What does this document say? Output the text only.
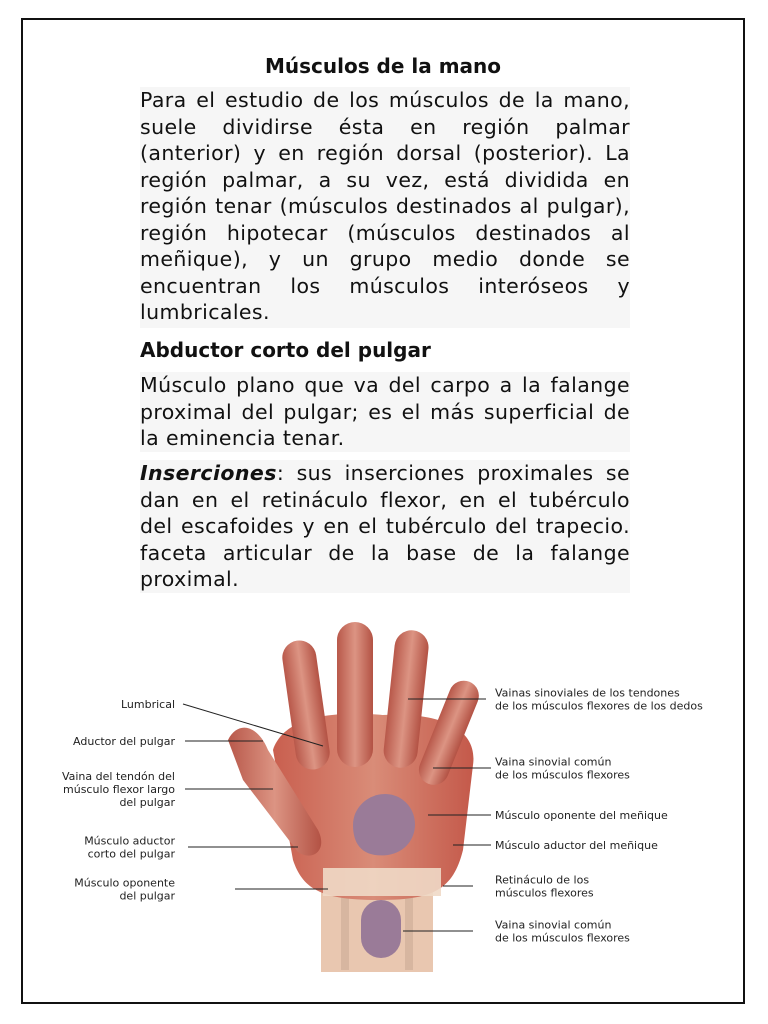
Músculos de la mano
Para el estudio de los músculos de la mano, suele dividirse ésta en región palmar (anterior) y en región dorsal (posterior). La región palmar, a su vez, está dividida en región tenar (músculos destinados al pulgar), región hipotecar (músculos destinados al meñique), y un grupo medio donde se encuentran los músculos interóseos y lumbricales.
Abductor corto del pulgar
Músculo plano que va del carpo a la falange proximal del pulgar; es el más superficial de la eminencia tenar.
Inserciones: sus inserciones proximales se dan en el retináculo flexor, en el tubérculo del escafoides y en el tubérculo del trapecio. faceta articular de la base de la falange proximal.
Lumbrical
Aductor del pulgar
Vaina del tendón del músculo flexor largo del pulgar
Músculo aductor corto del pulgar
Músculo oponente del pulgar
Vainas sinoviales de los tendones de los músculos flexores de los dedos
Vaina sinovial común de los músculos flexores
Músculo oponente del meñique
Músculo aductor del meñique
Retináculo de los músculos flexores
Vaina sinovial común de los músculos flexores
